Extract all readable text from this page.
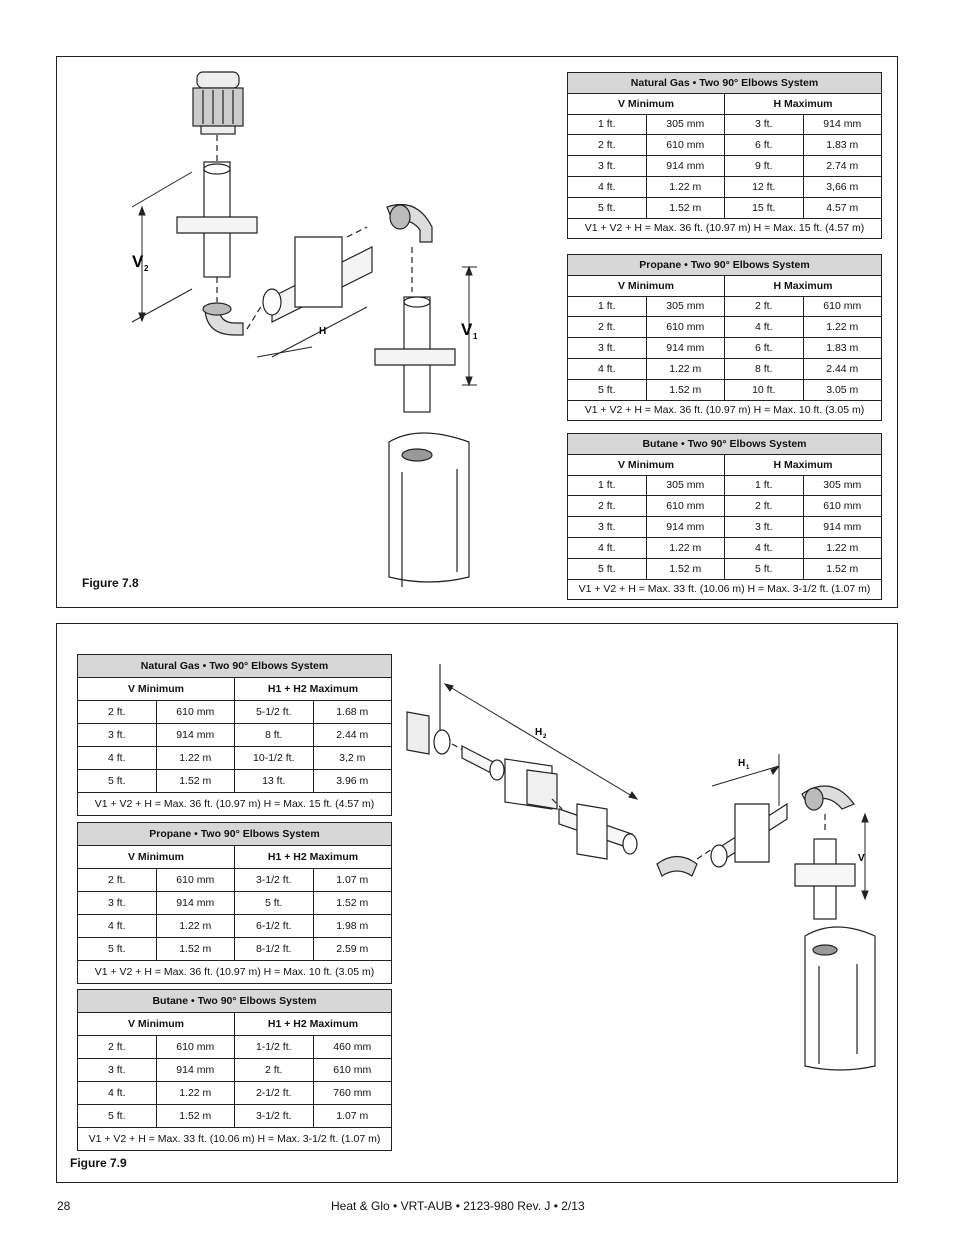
V 2
H	V 1
Figure 7.8
Natural Gas • Two 90° Elbows System			
V Minimum		H Maximum	
1 ft.	305 mm	3 ft.	914 mm
2 ft.	610 mm	6 ft.	1.83 m
3 ft.	914 mm	9 ft.	2.74 m
4 ft.	1.22 m	12 ft.	3,66 m
5 ft.	1.52 m	15 ft.	4.57 m
V1 + V2 + H = Max. 36 ft. (10.97 m) H = Max. 15 ft. (4.57 m)			
Propane • Two 90° Elbows System			
V Minimum		H Maximum	
1 ft.	305 mm	2 ft.	610 mm
2 ft.	610 mm	4 ft.	1.22 m
3 ft.	914 mm	6 ft.	1.83 m
4 ft.	1.22 m	8 ft.	2.44 m
5 ft.	1.52 m	10 ft.	3.05 m
V1 + V2 + H = Max. 36 ft. (10.97 m) H = Max. 10 ft. (3.05 m)			
Butane • Two 90° Elbows System			
V Minimum		H Maximum	
1 ft.	305 mm	1 ft.	305 mm
2 ft.	610 mm	2 ft.	610 mm
3 ft.	914 mm	3 ft.	914 mm
4 ft.	1.22 m	4 ft.	1.22 m
5 ft.	1.52 m	5 ft.	1.52 m
V1 + V2 + H = Max. 33 ft. (10.06 m) H = Max. 3-1/2 ft. (1.07 m)			
Natural Gas • Two 90° Elbows System			
V Minimum		H1 + H2 Maximum	
2 ft.	610 mm	5-1/2 ft.	1.68 m
3 ft.	914 mm	8 ft.	2.44 m
4 ft.	1.22 m	10-1/2 ft.	3,2 m
5 ft.	1.52 m	13 ft.	3.96 m
V1 + V2 + H = Max. 36 ft. (10.97 m) H = Max. 15 ft. (4.57 m)			
Propane • Two 90° Elbows System			
V Minimum		H1 + H2 Maximum	
2 ft.	610 mm	3-1/2 ft.	1.07 m
3 ft.	914 mm	5 ft.	1.52 m
4 ft.	1.22 m	6-1/2 ft.	1.98 m
5 ft.	1.52 m	8-1/2 ft.	2.59 m
V1 + V2 + H = Max. 36 ft. (10.97 m) H = Max. 10 ft. (3.05 m)			
Butane • Two 90° Elbows System			
V Minimum		H1 + H2 Maximum	
2 ft.	610 mm	1-1/2 ft.	460 mm
3 ft.	914 mm	2 ft.	610 mm
4 ft.	1.22 m	2-1/2 ft.	760 mm
5 ft.	1.52 m	3-1/2 ft.	1.07 m
V1 + V2 + H = Max. 33 ft. (10.06 m) H = Max. 3-1/2 ft. (1.07 m)			
H 2
H 1
V
Figure 7.9
28	Heat & Glo • VRT-AUB • 2123-980 Rev. J • 2/13
